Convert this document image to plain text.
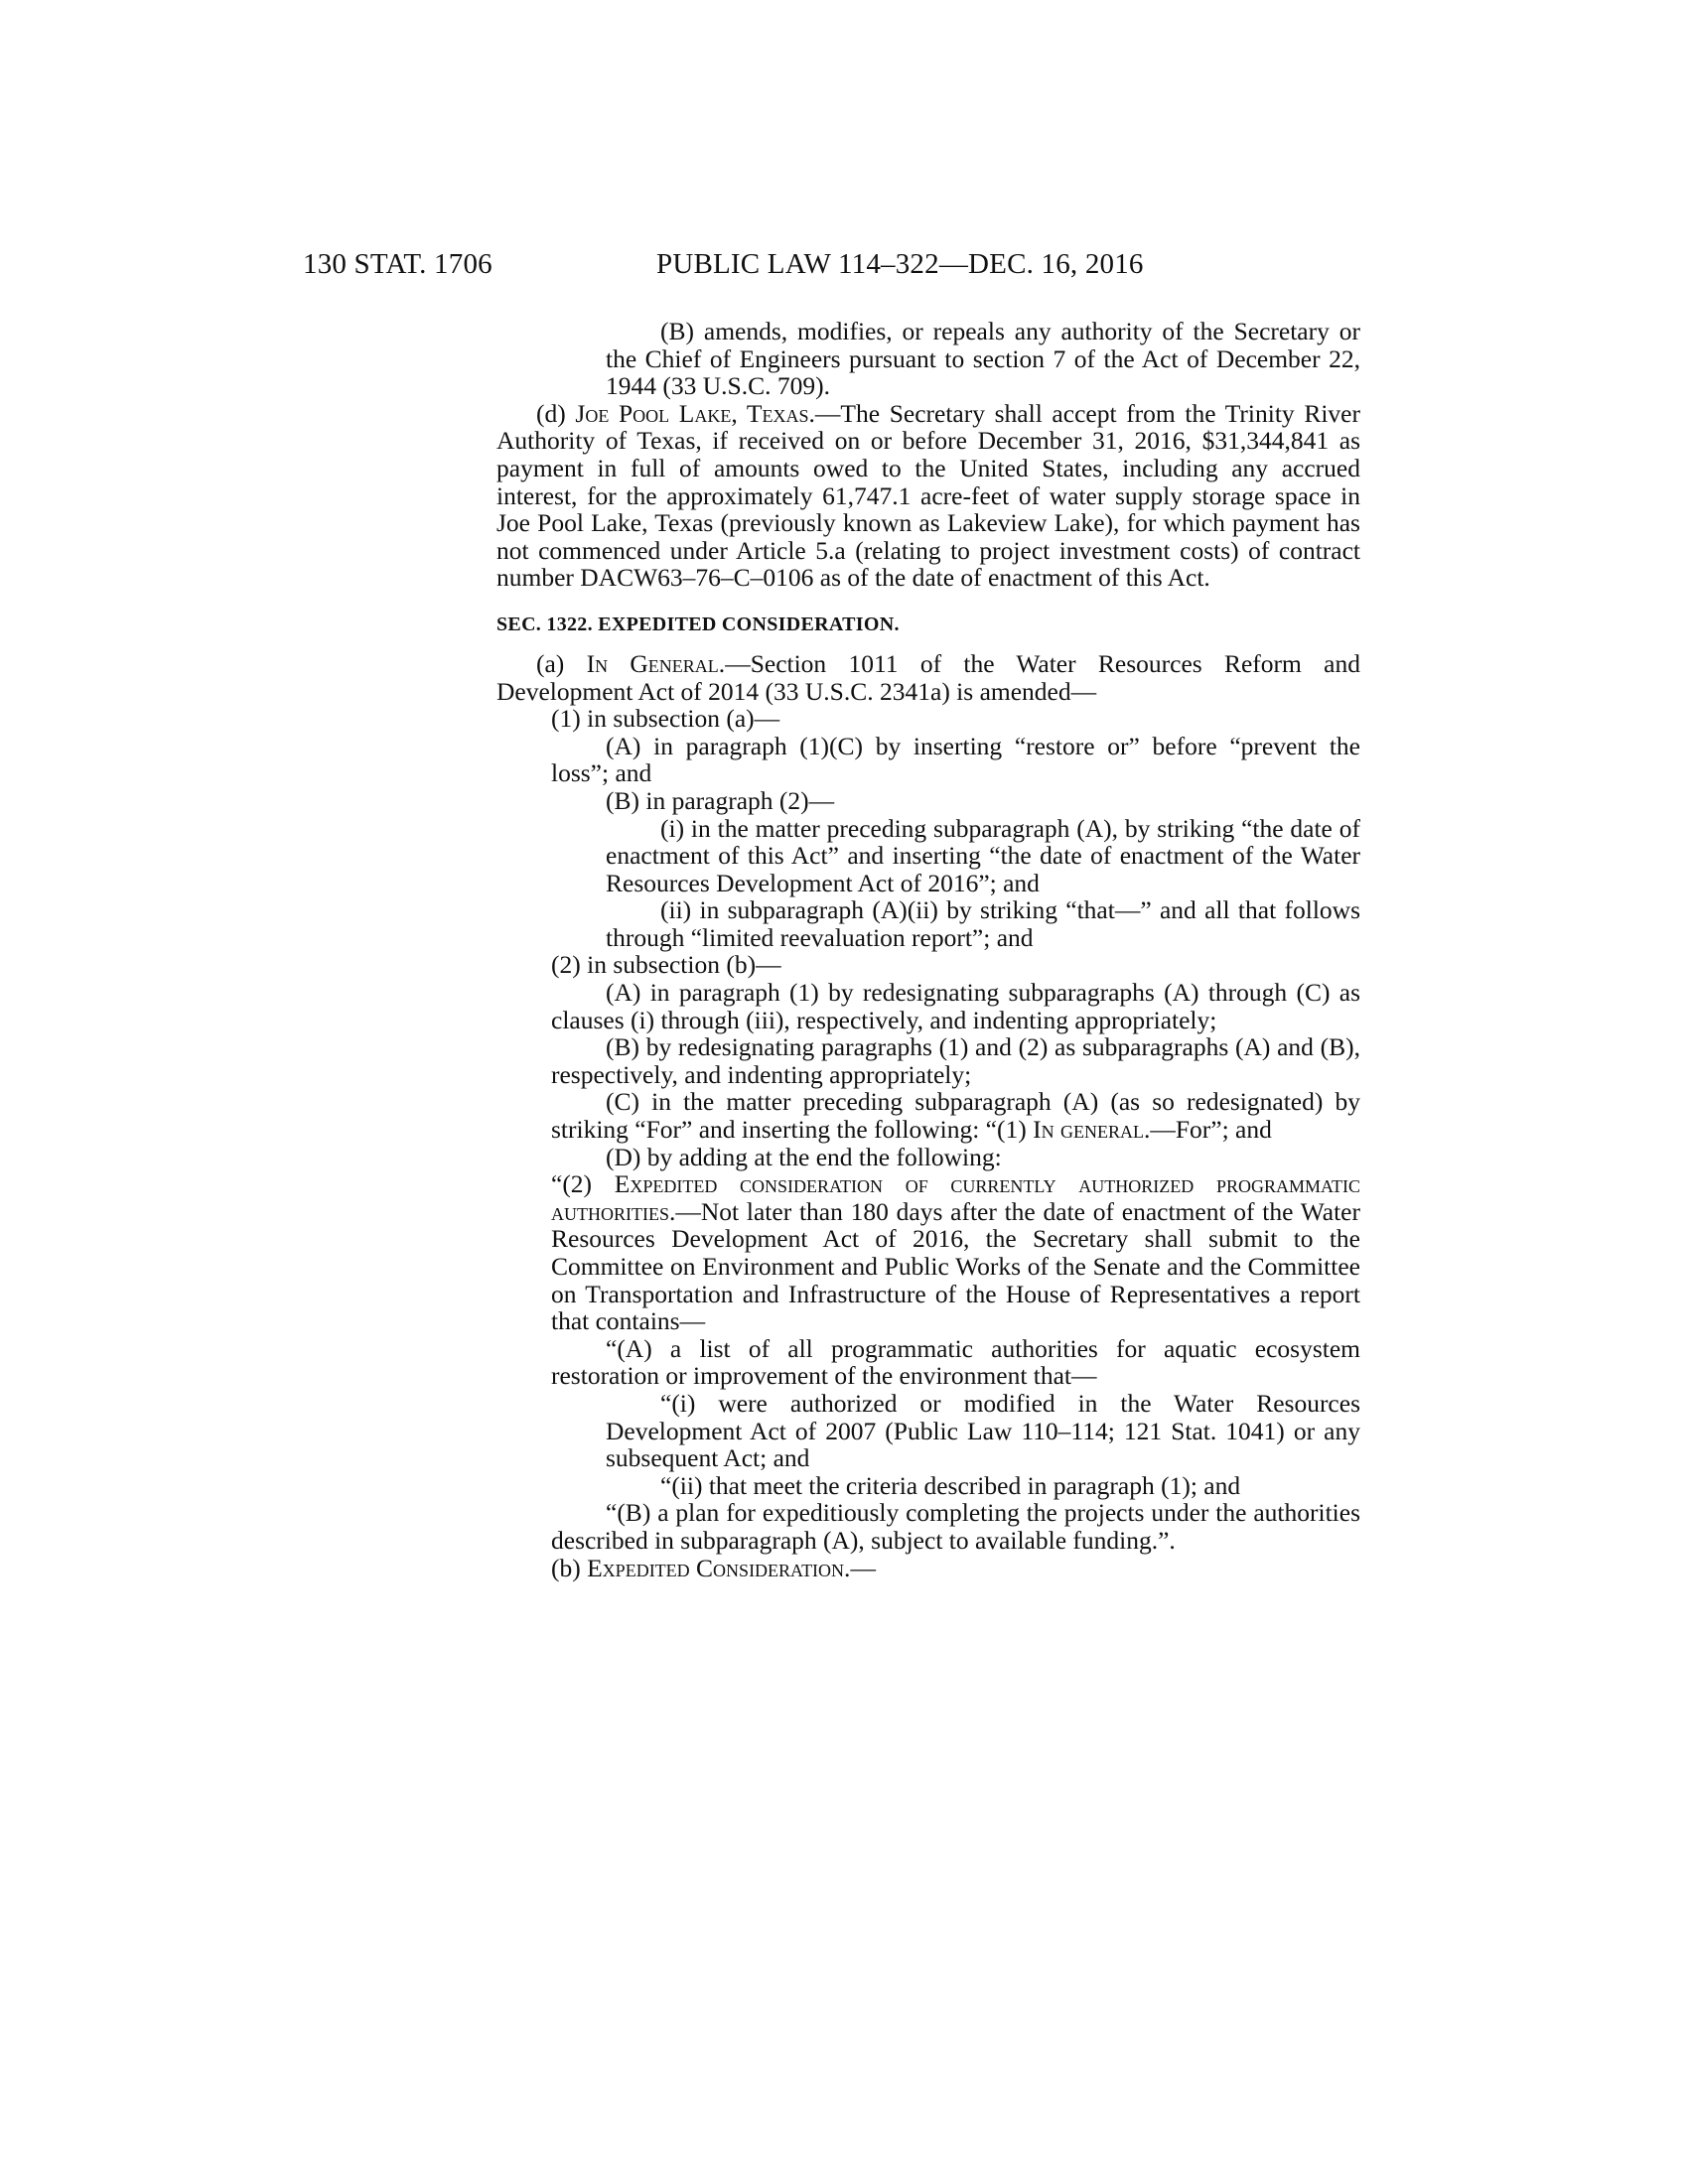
130 STAT. 1706	PUBLIC LAW 114–322—DEC. 16, 2016
(B) amends, modifies, or repeals any authority of the Secretary or the Chief of Engineers pursuant to section 7 of the Act of December 22, 1944 (33 U.S.C. 709).
(d) Joe Pool Lake, Texas.—The Secretary shall accept from the Trinity River Authority of Texas, if received on or before December 31, 2016, $31,344,841 as payment in full of amounts owed to the United States, including any accrued interest, for the approximately 61,747.1 acre-feet of water supply storage space in Joe Pool Lake, Texas (previously known as Lakeview Lake), for which payment has not commenced under Article 5.a (relating to project investment costs) of contract number DACW63–76–C–0106 as of the date of enactment of this Act.
SEC. 1322. EXPEDITED CONSIDERATION.
(a) In General.—Section 1011 of the Water Resources Reform and Development Act of 2014 (33 U.S.C. 2341a) is amended—
(1) in subsection (a)—
(A) in paragraph (1)(C) by inserting “restore or” before “prevent the loss”; and
(B) in paragraph (2)—
(i) in the matter preceding subparagraph (A), by striking “the date of enactment of this Act” and inserting “the date of enactment of the Water Resources Development Act of 2016”; and
(ii) in subparagraph (A)(ii) by striking “that—” and all that follows through “limited reevaluation report”; and
(2) in subsection (b)—
(A) in paragraph (1) by redesignating subparagraphs (A) through (C) as clauses (i) through (iii), respectively, and indenting appropriately;
(B) by redesignating paragraphs (1) and (2) as subparagraphs (A) and (B), respectively, and indenting appropriately;
(C) in the matter preceding subparagraph (A) (as so redesignated) by striking “For” and inserting the following: “(1) In general.—For”; and
(D) by adding at the end the following:
“(2) Expedited consideration of currently authorized programmatic authorities.—Not later than 180 days after the date of enactment of the Water Resources Development Act of 2016, the Secretary shall submit to the Committee on Environment and Public Works of the Senate and the Committee on Transportation and Infrastructure of the House of Representatives a report that contains—
“(A) a list of all programmatic authorities for aquatic ecosystem restoration or improvement of the environment that—
“(i) were authorized or modified in the Water Resources Development Act of 2007 (Public Law 110–114; 121 Stat. 1041) or any subsequent Act; and
“(ii) that meet the criteria described in paragraph (1); and
“(B) a plan for expeditiously completing the projects under the authorities described in subparagraph (A), subject to available funding.”.
(b) Expedited Consideration.—
